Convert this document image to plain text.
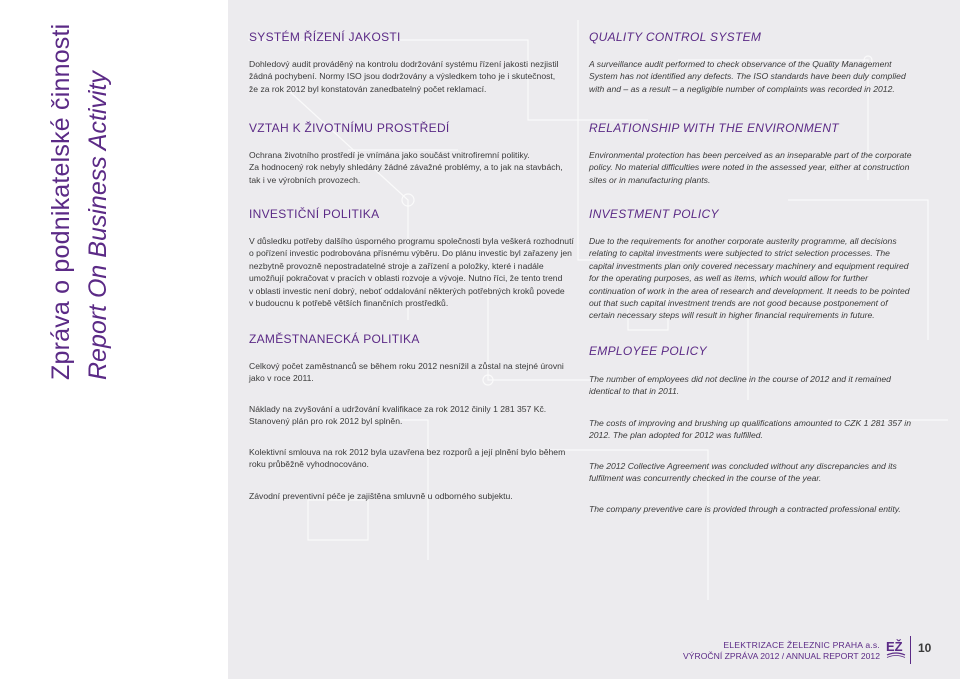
Zpráva o podnikatelské činnosti Report On Business Activity
SYSTÉM ŘÍZENÍ JAKOSTI

Dohledový audit prováděný na kontrolu dodržování systému řízení jakosti nezjistil

žádná pochybení. Normy ISO jsou dodržovány a výsledkem toho je i skutečnost,

že za rok 2012 byl konstatován zanedbatelný počet reklamací.

VZTAH K ŽIVOTNÍMU PROSTŘEDÍ

Ochrana životního prostředí je vnímána jako součást vnitrofiremní politiky.

Za hodnocený rok nebyly shledány žádné závažné problémy, a to jak na stavbách,

tak i ve výrobních provozech.

INVESTIČNÍ POLITIKA

V důsledku potřeby dalšího úsporného programu společnosti byla veškerá rozhodnutí

o pořízení investic podrobována přísnému výběru. Do plánu investic byl zařazeny jen

nezbytně provozně nepostradatelné stroje a zařízení a položky, které i nadále

umožňují pokračovat v pracích v oblasti rozvoje a vývoje. Nutno říci, že tento trend

v oblasti investic není dobrý, neboť oddalování některých potřebných kroků povede

v budoucnu k potřebě větších finančních prostředků.

ZAMĚSTNANECKÁ POLITIKA

Celkový počet zaměstnanců se během roku 2012 nesnížil a zůstal na stejné úrovni

jako v roce 2011.

Náklady na zvyšování a udržování kvalifikace za rok 2012 činily 1 281 357 Kč.

Stanovený plán pro rok 2012 byl splněn.

Kolektivní smlouva na rok 2012 byla uzavřena bez rozporů a její plnění bylo během

roku průběžně vyhodnocováno.

Závodní preventivní péče je zajištěna smluvně u odborného subjektu.

QUALITY CONTROL SYSTEM

A surveillance audit performed to check observance of the Quality Management

System has not identified any defects. The ISO standards have been duly complied

with and – as a result – a negligible number of complaints was recorded in 2012.

RELATIONSHIP WITH THE ENVIRONMENT

Environmental protection has been perceived as an inseparable part of the corporate

policy. No material difficulties were noted in the assessed year, either at construction

sites or in manufacturing plants.

INVESTMENT POLICY

Due to the requirements for another corporate austerity programme, all decisions

relating to capital investments were subjected to strict selection processes. The

capital investments plan only covered necessary machinery and equipment required

for the operating purposes, as well as items, which would allow for further

continuation of work in the area of research and development. It needs to be pointed

out that such capital investment trends are not good because postponement of

certain necessary steps will result in higher financial requirements in future.

EMPLOYEE POLICY

The number of employees did not decline in the course of 2012 and it remained

identical to that in 2011.

The costs of improving and brushing up qualifications amounted to CZK 1 281 357 in

2012. The plan adopted for 2012 was fulfilled.

The 2012 Collective Agreement was concluded without any discrepancies and its

fulfilment was concurrently checked in the course of the year.

The company preventive care is provided through a contracted professional entity.

ELEKTRIZACE ŽELEZNIC PRAHA a.s.
VÝROČNÍ ZPRÁVA 2012 / ANNUAL REPORT 2012
EŽ 10
